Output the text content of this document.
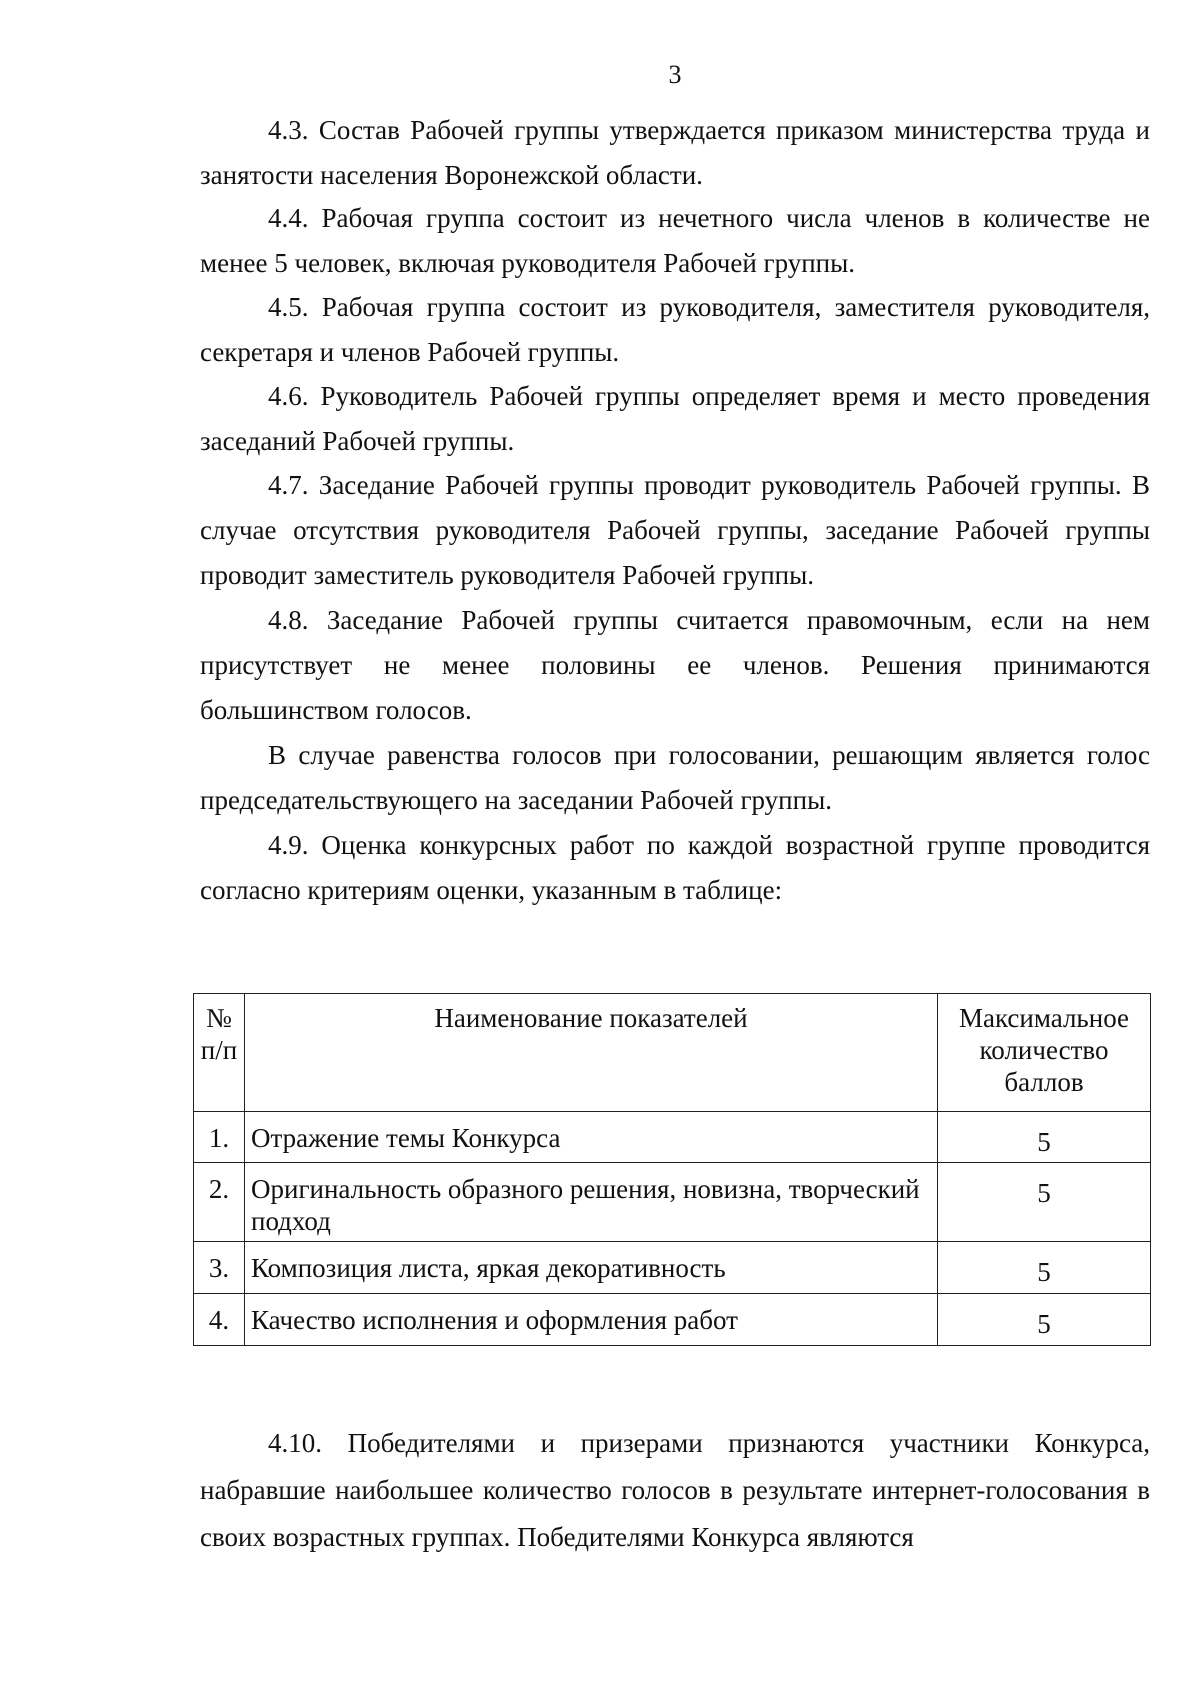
3

4.3. Состав Рабочей группы утверждается приказом министерства труда и занятости населения Воронежской области.

4.4. Рабочая группа состоит из нечетного числа членов в количестве не менее 5 человек, включая руководителя Рабочей группы.

4.5. Рабочая группа состоит из руководителя, заместителя руководителя, секретаря и членов Рабочей группы.

4.6. Руководитель Рабочей группы определяет время и место проведения заседаний Рабочей группы.

4.7. Заседание Рабочей группы проводит руководитель Рабочей группы. В случае отсутствия руководителя Рабочей группы, заседание Рабочей группы проводит заместитель руководителя Рабочей группы.

4.8. Заседание Рабочей группы считается правомочным, если на нем присутствует не менее половины ее членов. Решения принимаются большинством голосов.

В случае равенства голосов при голосовании, решающим является голос председательствующего на заседании Рабочей группы.

4.9. Оценка конкурсных работ по каждой возрастной группе проводится согласно критериям оценки, указанным в таблице:

№ п/п	Наименование показателей	Максимальное количество баллов
1.	Отражение темы Конкурса	5
2.	Оригинальность образного решения, новизна, творческий подход	5
3.	Композиция листа, яркая декоративность	5
4.	Качество исполнения и оформления работ	5

4.10. Победителями и призерами признаются участники Конкурса, набравшие наибольшее количество голосов в результате интернет-голосования в своих возрастных группах. Победителями Конкурса являются
